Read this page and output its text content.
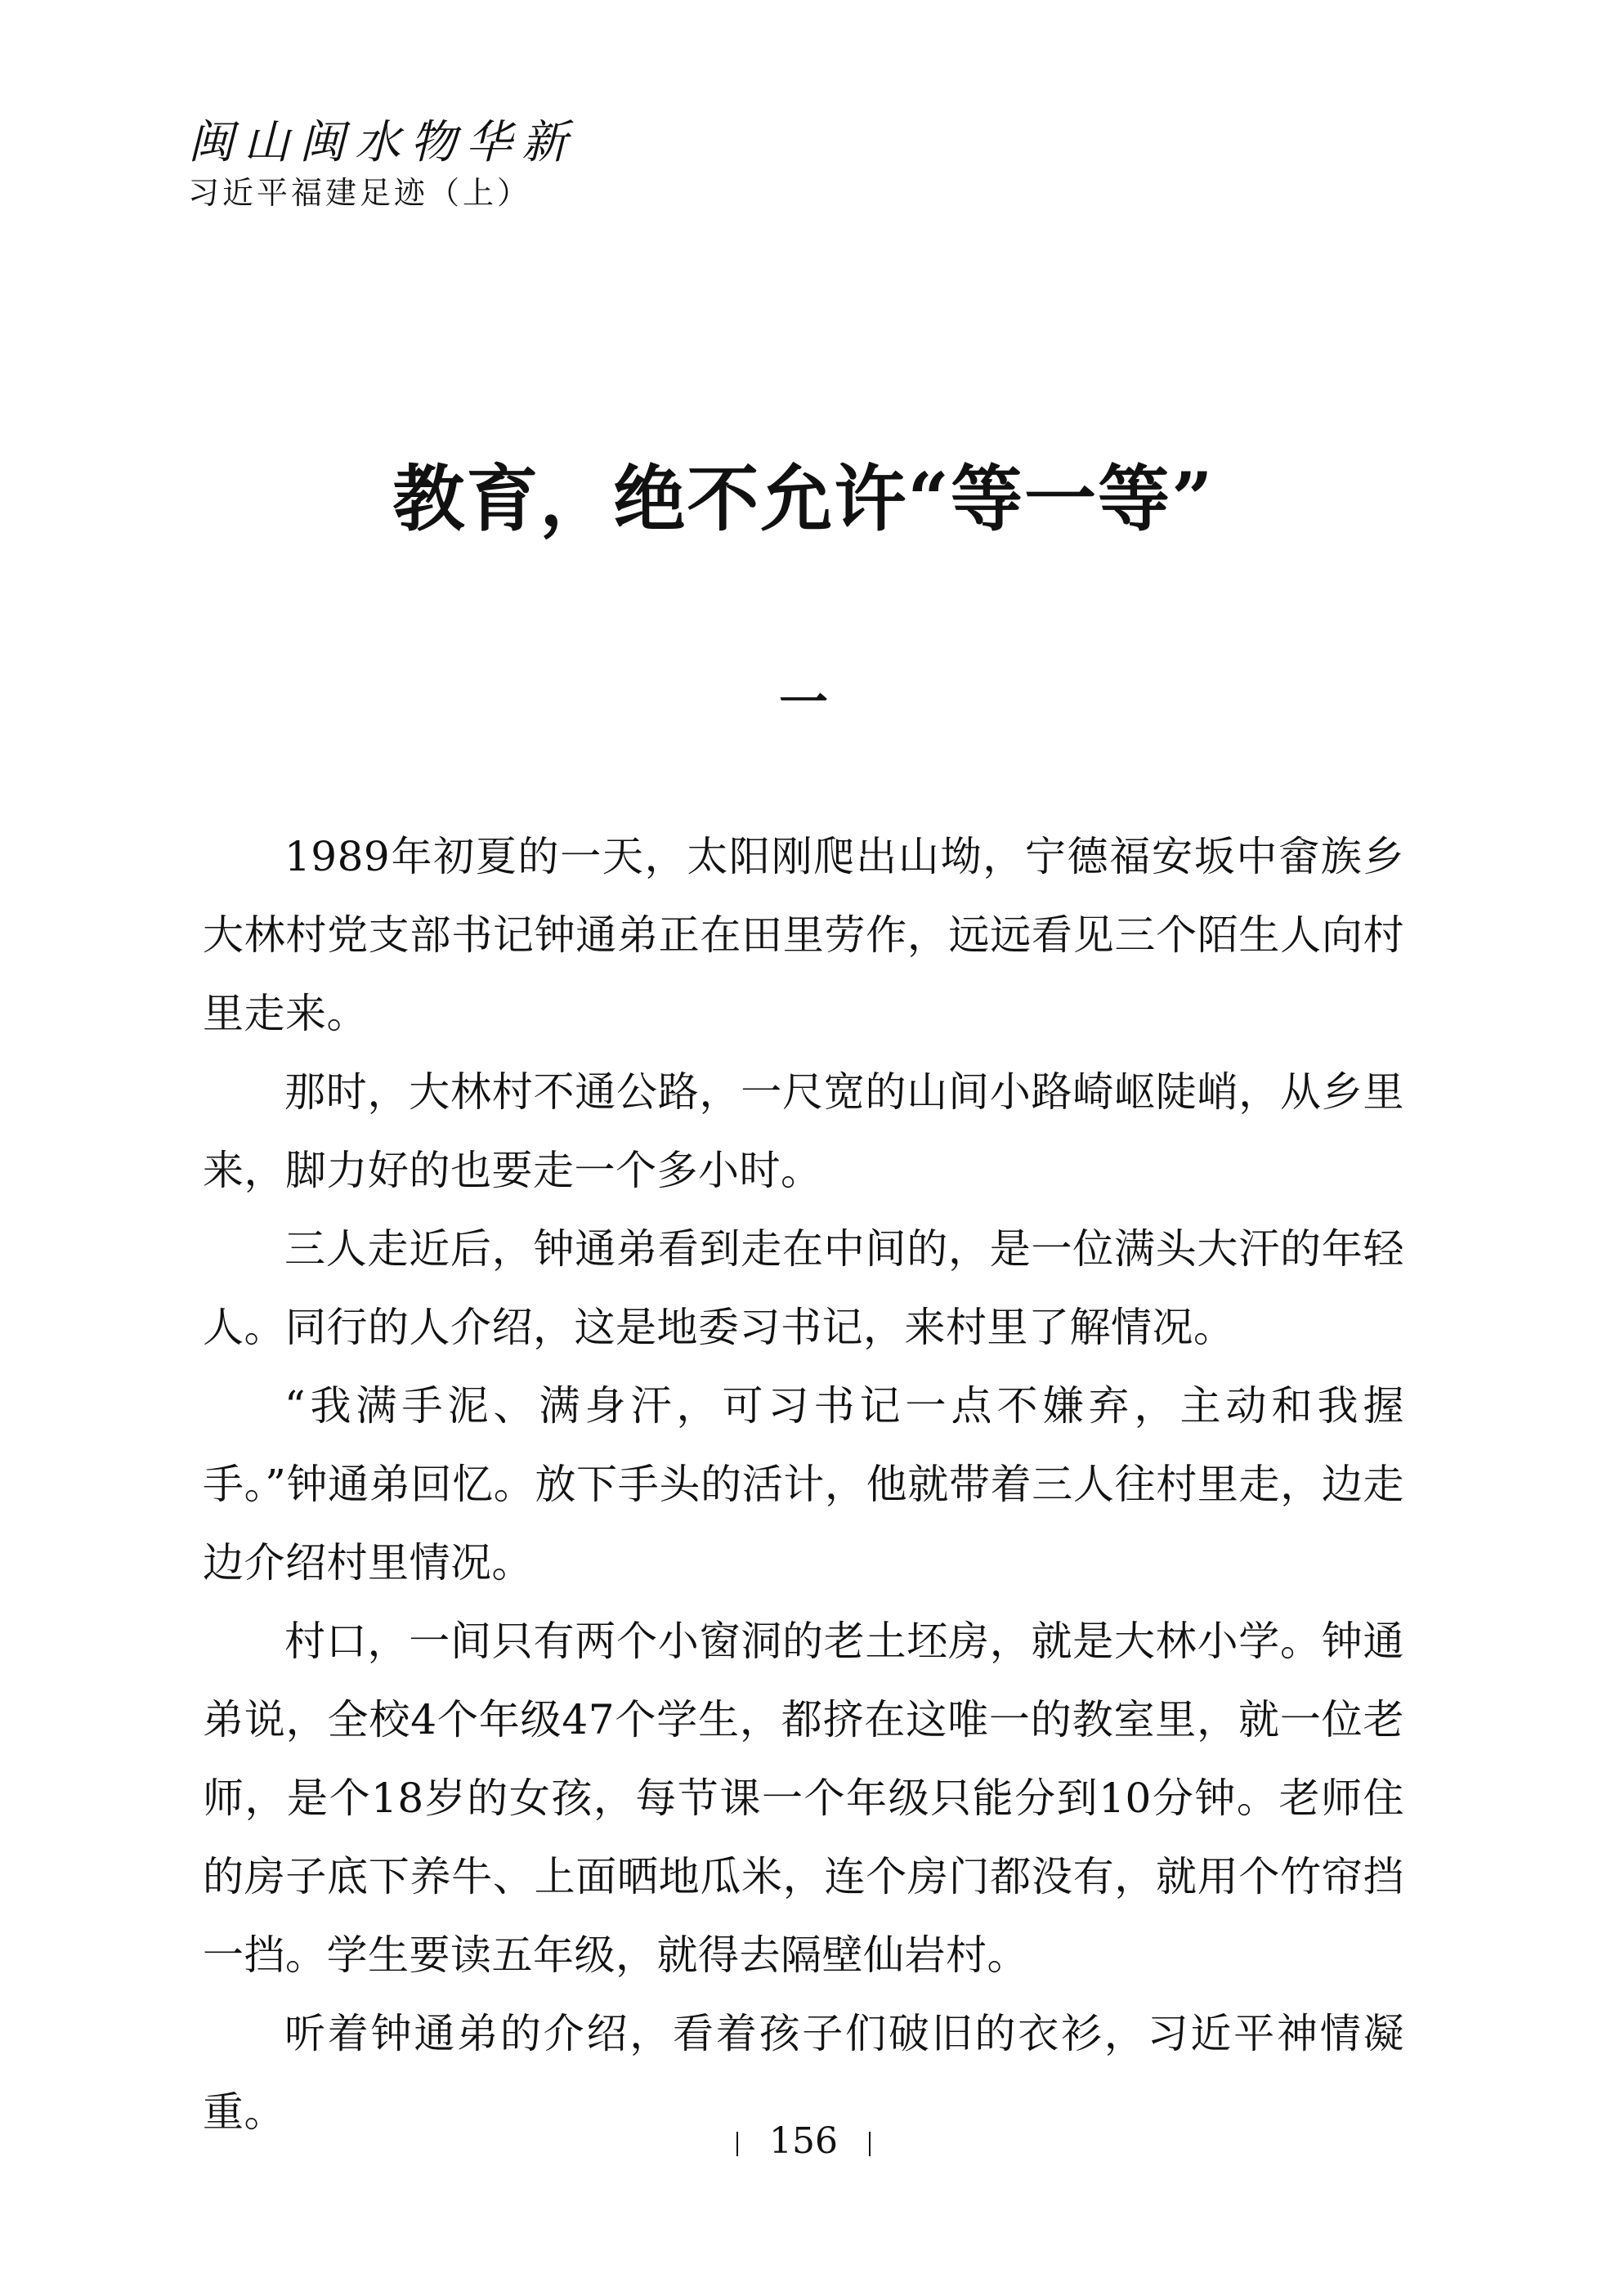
闽山闽水物华新
习近平福建足迹（上）
教育，绝不允许“等一等”
一

1989年初夏的一天，太阳刚爬出山坳，宁德福安坂中畲族乡大林村党支部书记钟通弟正在田里劳作，远远看见三个陌生人向村里走来。

那时，大林村不通公路，一尺宽的山间小路崎岖陡峭，从乡里来，脚力好的也要走一个多小时。

三人走近后，钟通弟看到走在中间的，是一位满头大汗的年轻人。同行的人介绍，这是地委习书记，来村里了解情况。

“我满手泥、满身汗，可习书记一点不嫌弃，主动和我握手。”钟通弟回忆。放下手头的活计，他就带着三人往村里走，边走边介绍村里情况。

村口，一间只有两个小窗洞的老土坯房，就是大林小学。钟通弟说，全校4个年级47个学生，都挤在这唯一的教室里，就一位老师，是个18岁的女孩，每节课一个年级只能分到10分钟。老师住的房子底下养牛、上面晒地瓜米，连个房门都没有，就用个竹帘挡一挡。学生要读五年级，就得去隔壁仙岩村。

听着钟通弟的介绍，看着孩子们破旧的衣衫，习近平神情凝重。

156
